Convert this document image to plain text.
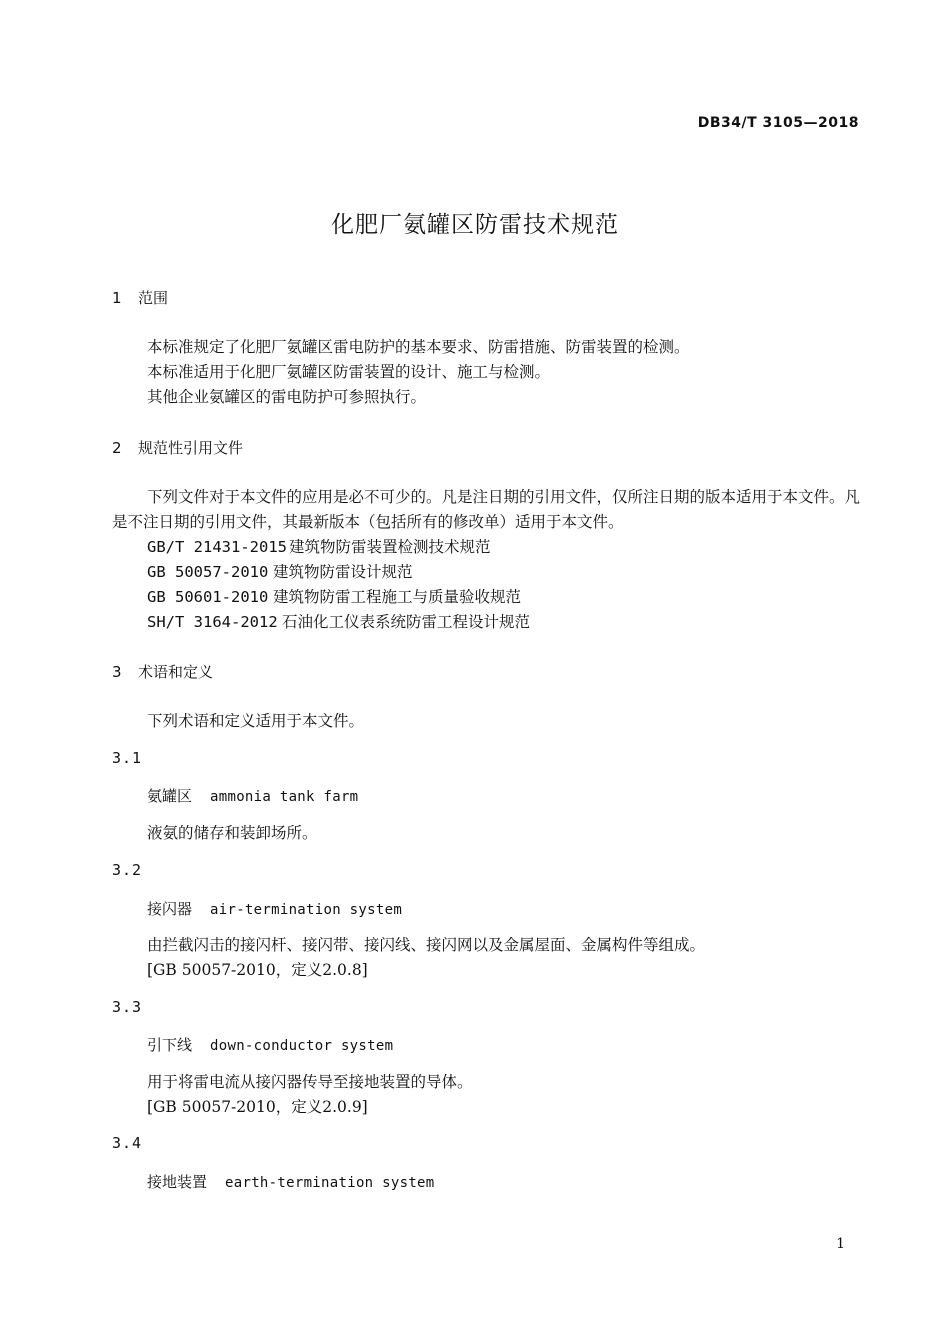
DB34/T 3105—2018
化肥厂氨罐区防雷技术规范
1 范围
本标准规定了化肥厂氨罐区雷电防护的基本要求、防雷措施、防雷装置的检测。
本标准适用于化肥厂氨罐区防雷装置的设计、施工与检测。
其他企业氨罐区的雷电防护可参照执行。
2 规范性引用文件
下列文件对于本文件的应用是必不可少的。凡是注日期的引用文件，仅所注日期的版本适用于本文件。凡是不注日期的引用文件，其最新版本（包括所有的修改单）适用于本文件。
GB/T 21431-2015 建筑物防雷装置检测技术规范
GB 50057-2010 建筑物防雷设计规范
GB 50601-2010 建筑物防雷工程施工与质量验收规范
SH/T 3164-2012 石油化工仪表系统防雷工程设计规范
3 术语和定义
下列术语和定义适用于本文件。
3.1
氨罐区 ammonia tank farm
液氨的储存和装卸场所。
3.2
接闪器 air-termination system
由拦截闪击的接闪杆、接闪带、接闪线、接闪网以及金属屋面、金属构件等组成。
[GB 50057-2010，定义2.0.8]
3.3
引下线 down-conductor system
用于将雷电流从接闪器传导至接地装置的导体。
[GB 50057-2010，定义2.0.9]
3.4
接地装置 earth-termination system
1
